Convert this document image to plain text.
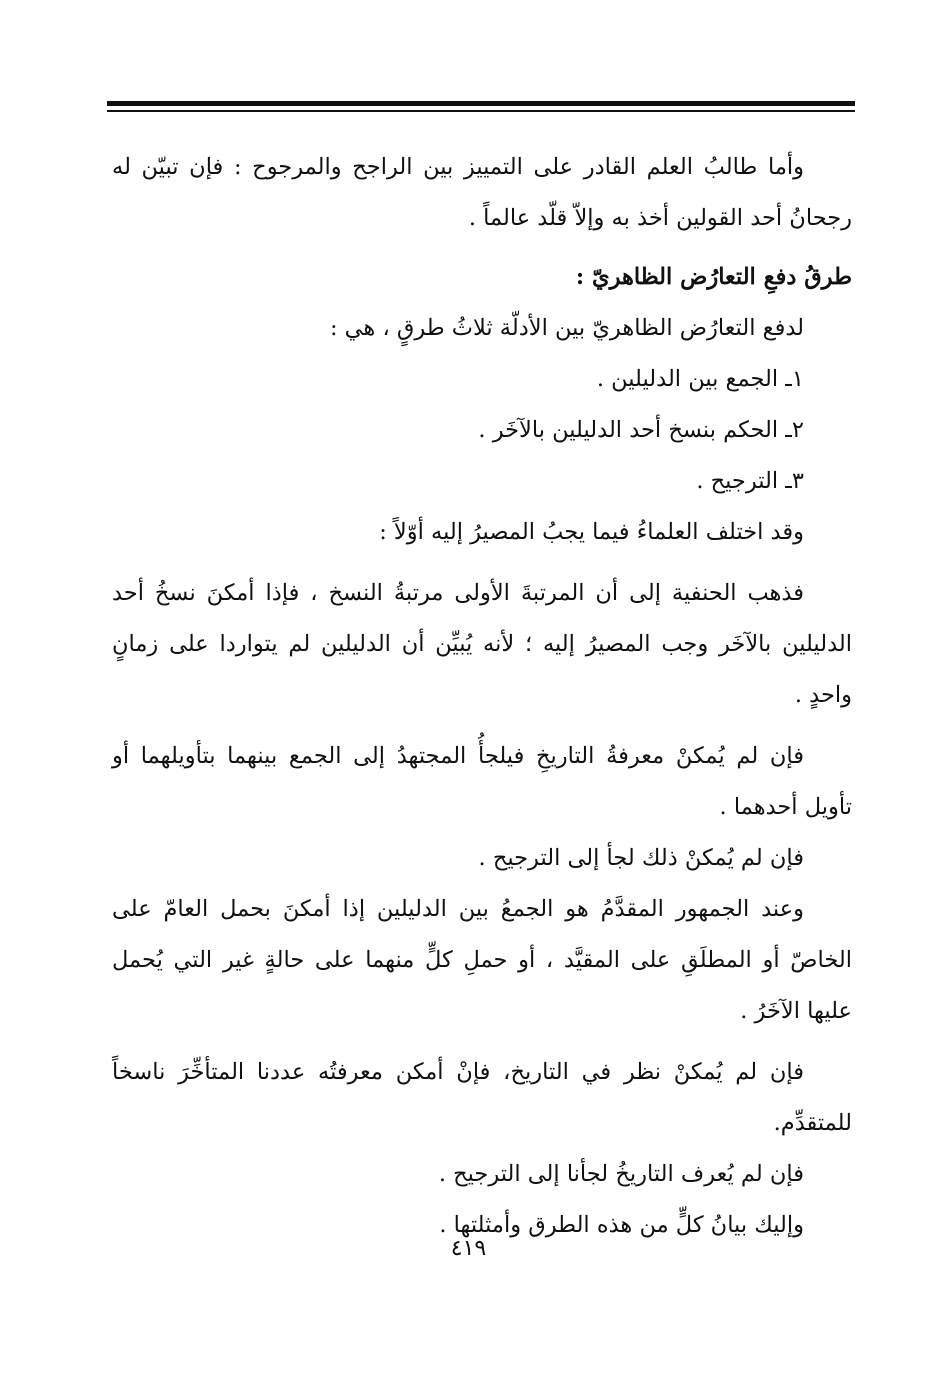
وأما طالبُ العلم القادر على التمييز بين الراجح والمرجوح : فإن تبيّن له رجحانُ أحد القولين أخذ به وإلاّ قلّد عالماً .

طرقُ دفعِ التعارُض الظاهريّ :

لدفع التعارُض الظاهريّ بين الأدلّة ثلاثُ طرقٍ ، هي :

١ـ الجمع بين الدليلين .

٢ـ الحكم بنسخ أحد الدليلين بالآخَر .

٣ـ الترجيح .

وقد اختلف العلماءُ فيما يجبُ المصيرُ إليه أوّلاً :

فذهب الحنفية إلى أن المرتبةَ الأولى مرتبةُ النسخ ، فإذا أمكنَ نسخُ أحد الدليلين بالآخَر وجب المصيرُ إليه ؛ لأنه يُبيِّن أن الدليلين لم يتواردا على زمانٍ واحدٍ .

فإن لم يُمكنْ معرفةُ التاريخِ فيلجأُ المجتهدُ إلى الجمع بينهما بتأويلهما أو تأويل أحدهما .

فإن لم يُمكنْ ذلك لجأ إلى الترجيح .

وعند الجمهور المقدَّمُ هو الجمعُ بين الدليلين إذا أمكنَ بحمل العامّ على الخاصّ أو المطلَقِ على المقيَّد ، أو حملِ كلٍّ منهما على حالةٍ غير التي يُحمل عليها الآخَرُ .

فإن لم يُمكنْ نظر في التاريخ، فإنْ أمكن معرفتُه عددنا المتأخِّرَ ناسخاً للمتقدِّم.

فإن لم يُعرف التاريخُ لجأنا إلى الترجيح .

وإليك بيانُ كلٍّ من هذه الطرق وأمثلتها .

٤١٩
